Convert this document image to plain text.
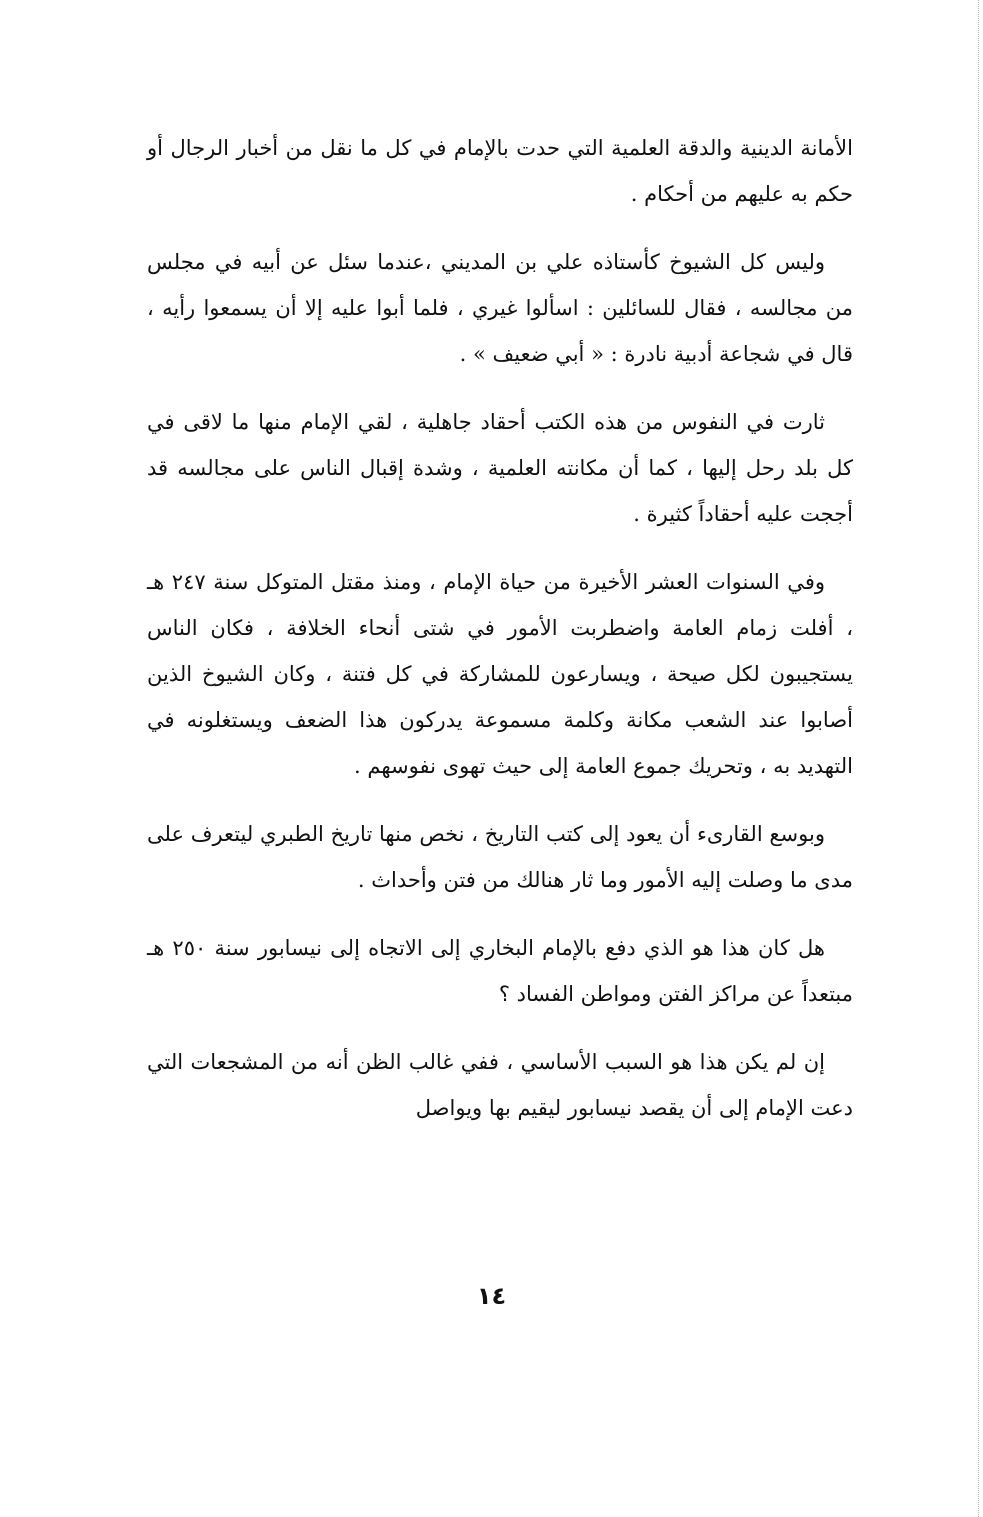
الأمانة الدينية والدقة العلمية التي حدت بالإمام في كل ما نقل من أخبار الرجال أو حكم به عليهم من أحكام .

وليس كل الشيوخ كأستاذه علي بن المديني ،عندما سئل عن أبيه في مجلس من مجالسه ، فقال للسائلين : اسألوا غيري ، فلما أبوا عليه إلا أن يسمعوا رأيه ، قال في شجاعة أدبية نادرة : « أبي ضعيف » .

ثارت في النفوس من هذه الكتب أحقاد جاهلية ، لقي الإمام منها ما لاقى في كل بلد رحل إليها ، كما أن مكانته العلمية ، وشدة إقبال الناس على مجالسه قد أججت عليه أحقاداً كثيرة .

وفي السنوات العشر الأخيرة من حياة الإمام ، ومنذ مقتل المتوكل سنة ٢٤٧ هـ ، أفلت زمام العامة واضطربت الأمور في شتى أنحاء الخلافة ، فكان الناس يستجيبون لكل صيحة ، ويسارعون للمشاركة في كل فتنة ، وكان الشيوخ الذين أصابوا عند الشعب مكانة وكلمة مسموعة يدركون هذا الضعف ويستغلونه في التهديد به ، وتحريك جموع العامة إلى حيث تهوى نفوسهم .

وبوسع القارىء أن يعود إلى كتب التاريخ ، نخص منها تاريخ الطبري ليتعرف على مدى ما وصلت إليه الأمور وما ثار هنالك من فتن وأحداث .

هل كان هذا هو الذي دفع بالإمام البخاري إلى الاتجاه إلى نيسابور سنة ٢٥٠ هـ مبتعداً عن مراكز الفتن ومواطن الفساد ؟

إن لم يكن هذا هو السبب الأساسي ، ففي غالب الظن أنه من المشجعات التي دعت الإمام إلى أن يقصد نيسابور ليقيم بها ويواصل

١٤
